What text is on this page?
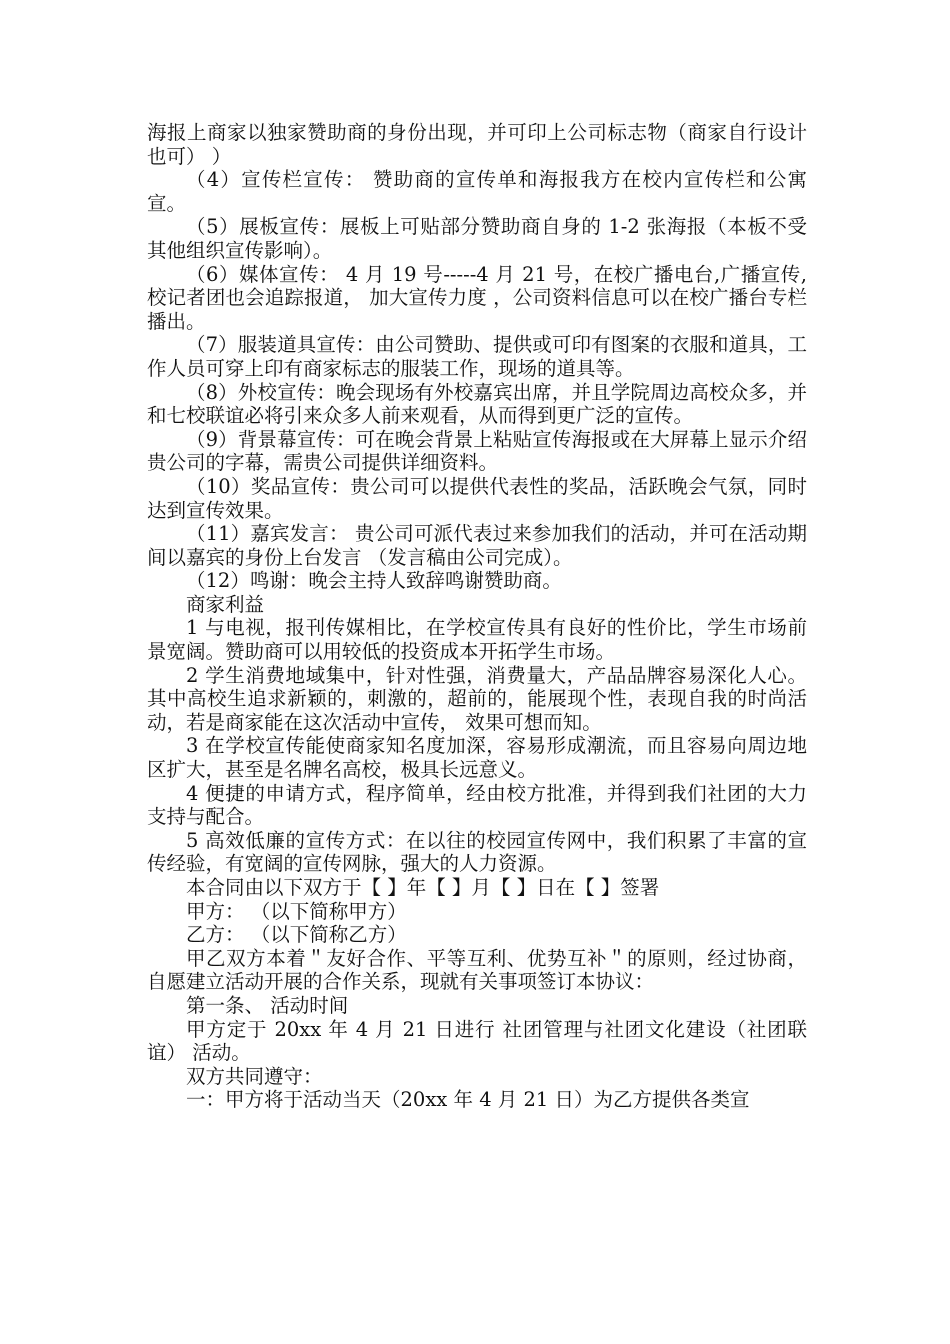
海报上商家以独家赞助商的身份出现，并可印上公司标志物（商家自行设计也可） ）

（4）宣传栏宣传： 赞助商的宣传单和海报我方在校内宣传栏和公寓宣。

（5）展板宣传：展板上可贴部分赞助商自身的 1-2 张海报（本板不受其他组织宣传影响）。

（6）媒体宣传： 4 月 19 号-----4 月 21 号，在校广播电台,广播宣传,校记者团也会追踪报道， 加大宣传力度 ，公司资料信息可以在校广播台专栏播出。

（7）服装道具宣传：由公司赞助、提供或可印有图案的衣服和道具，工作人员可穿上印有商家标志的服装工作，现场的道具等。

（8）外校宣传：晚会现场有外校嘉宾出席，并且学院周边高校众多，并和七校联谊必将引来众多人前来观看，从而得到更广泛的宣传。

（9）背景幕宣传：可在晚会背景上粘贴宣传海报或在大屏幕上显示介绍贵公司的字幕，需贵公司提供详细资料。

（10）奖品宣传：贵公司可以提供代表性的奖品，活跃晚会气氛，同时达到宣传效果。

（11）嘉宾发言： 贵公司可派代表过来参加我们的活动，并可在活动期间以嘉宾的身份上台发言 （发言稿由公司完成）。

（12）鸣谢：晚会主持人致辞鸣谢赞助商。

商家利益

1 与电视，报刊传媒相比，在学校宣传具有良好的性价比，学生市场前景宽阔。赞助商可以用较低的投资成本开拓学生市场。

2 学生消费地域集中，针对性强，消费量大，产品品牌容易深化人心。其中高校生追求新颖的，刺激的，超前的，能展现个性，表现自我的时尚活动，若是商家能在这次活动中宣传， 效果可想而知。

3 在学校宣传能使商家知名度加深，容易形成潮流，而且容易向周边地区扩大，甚至是名牌名高校，极具长远意义。

4 便捷的申请方式，程序简单，经由校方批准，并得到我们社团的大力支持与配合。

5 高效低廉的宣传方式：在以往的校园宣传网中，我们积累了丰富的宣传经验，有宽阔的宣传网脉，强大的人力资源。

本合同由以下双方于【 】年【 】月【 】日在【 】签署

甲方： （以下简称甲方）

乙方： （以下简称乙方）

甲乙双方本着＂友好合作、平等互利、优势互补＂的原则，经过协商，自愿建立活动开展的合作关系，现就有关事项签订本协议：

第一条、 活动时间

甲方定于 20xx 年 4 月 21 日进行 社团管理与社团文化建设（社团联谊） 活动。

双方共同遵守：

一：甲方将于活动当天（20xx 年 4 月 21 日）为乙方提供各类宣
